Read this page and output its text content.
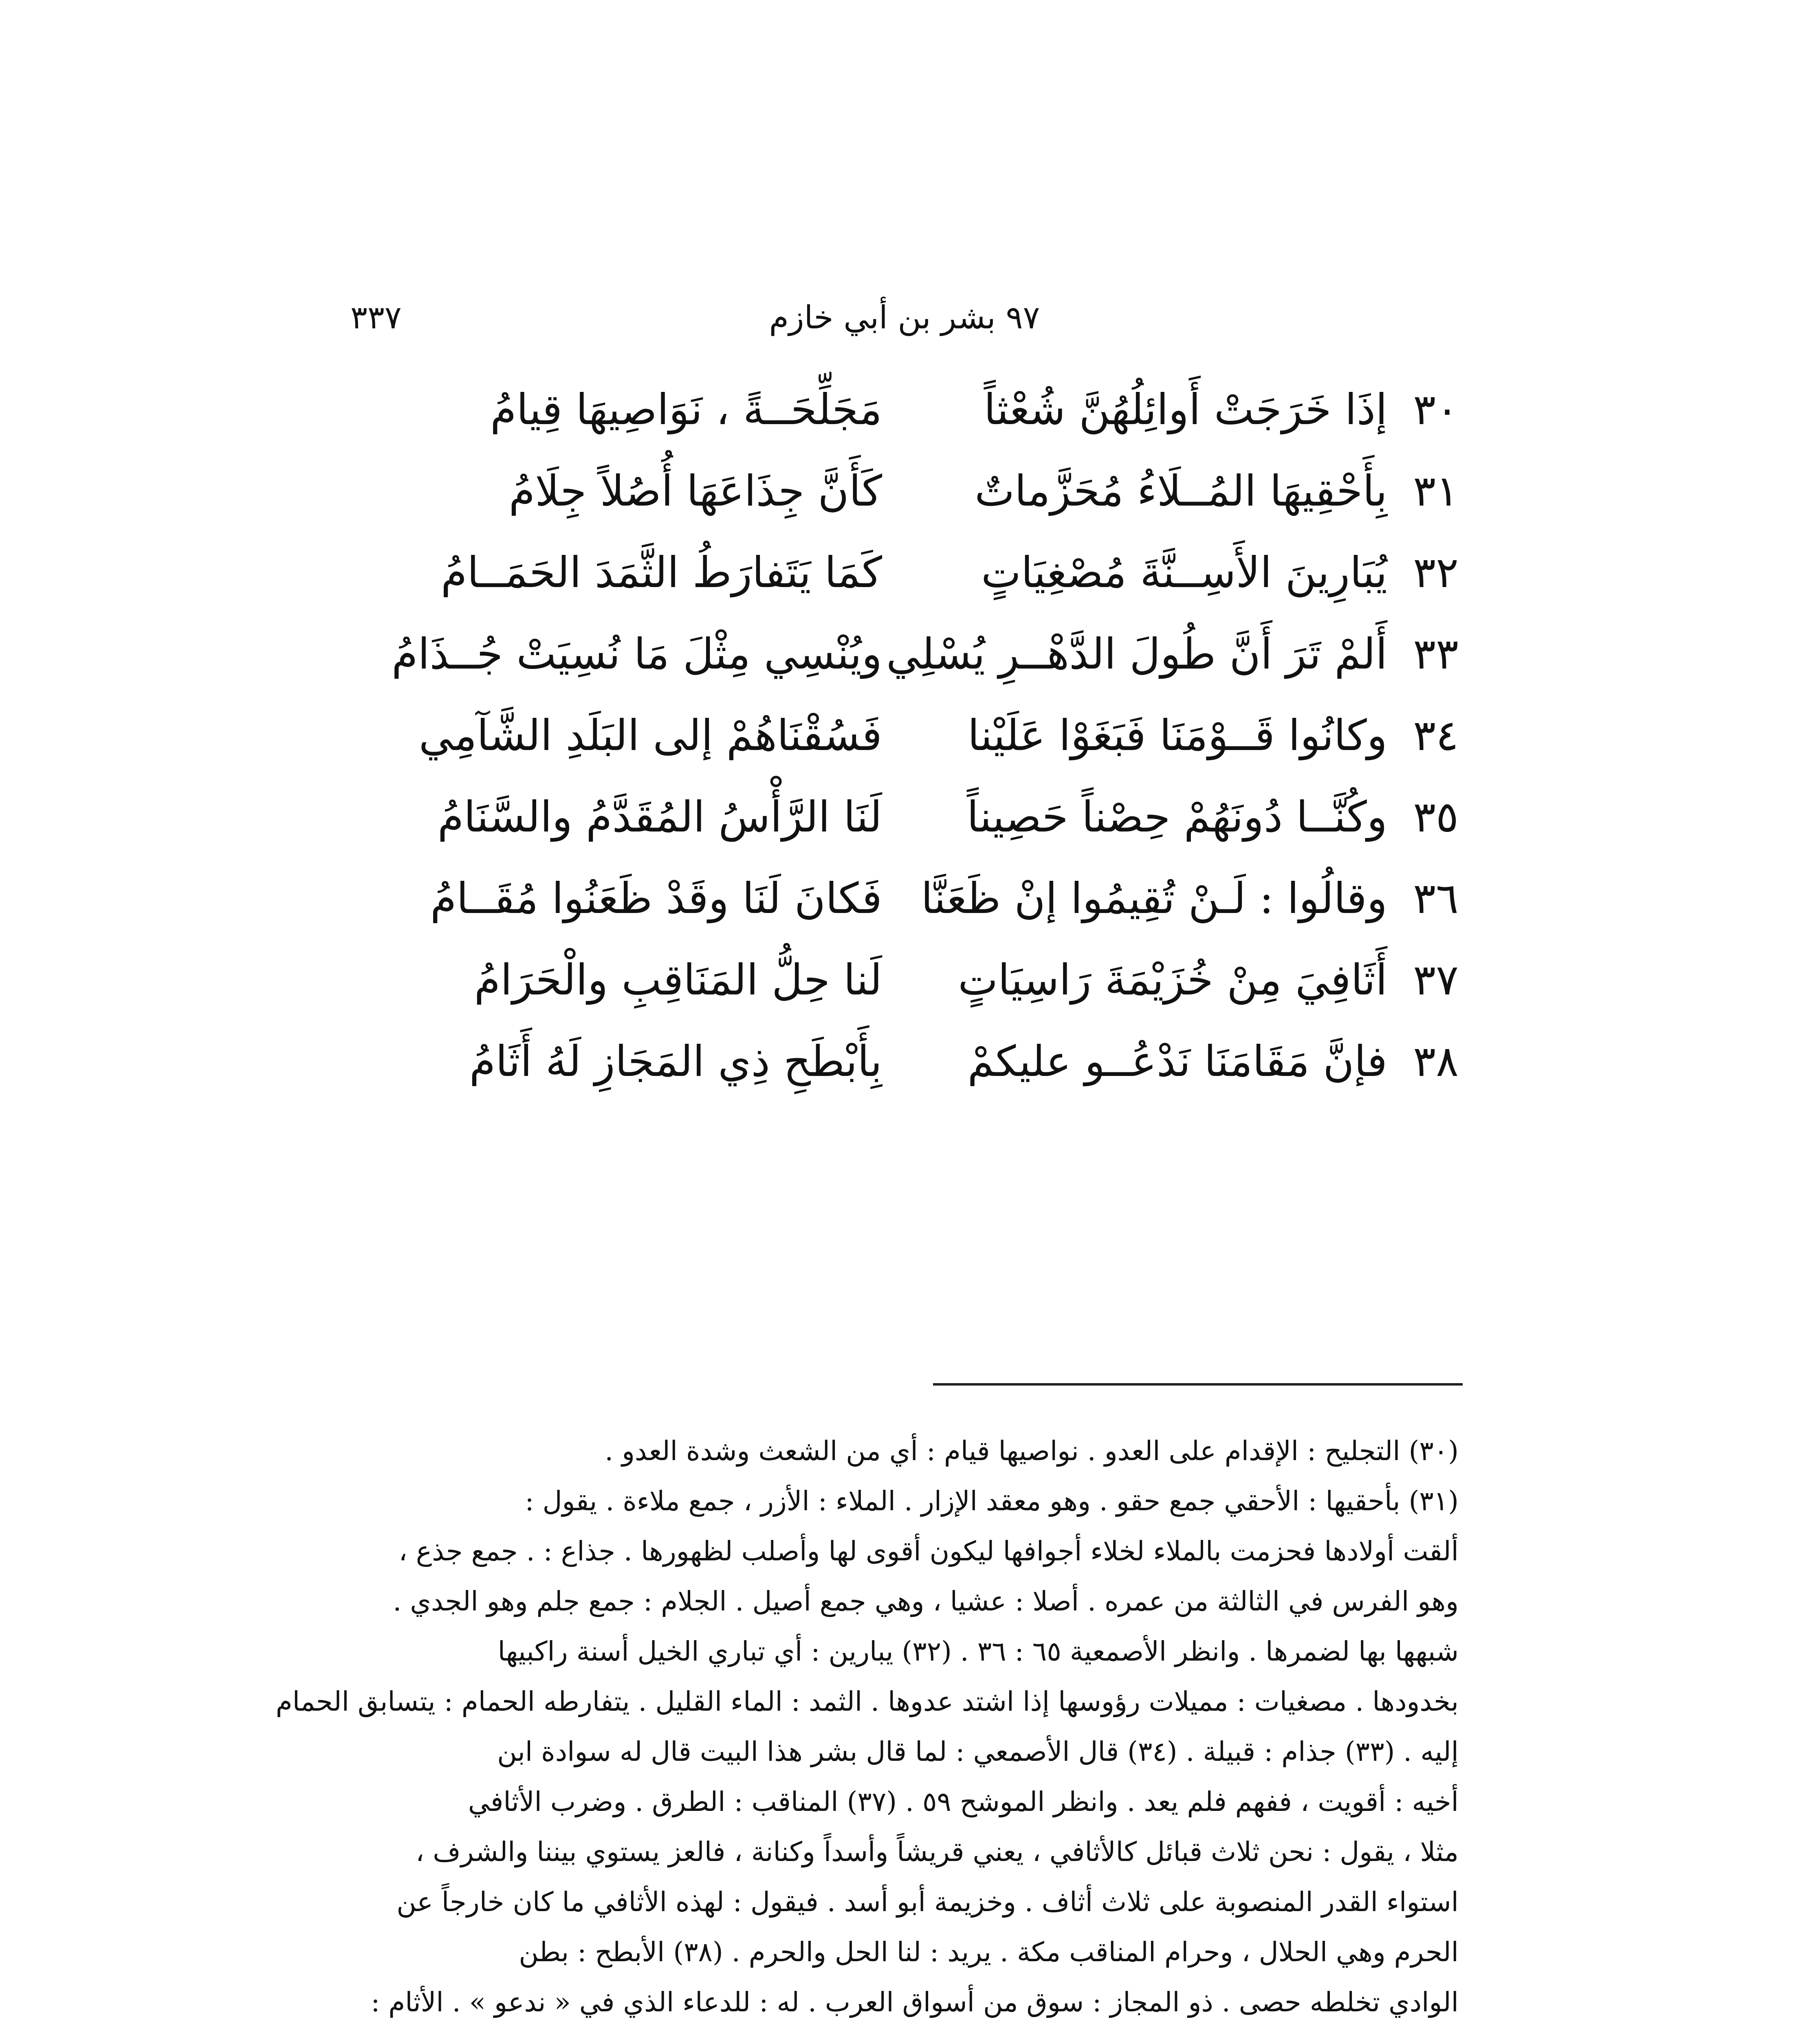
٩٧ بشر بن أبي خازم
٣٣٧
٣٠
إذَا خَرَجَتْ أَوائِلُهُنَّ شُعْثاً
مَجَلِّحَــةً ، نَوَاصِيهَا قِيامُ
٣١
بِأَحْقِيهَا المُــلَاءُ مُحَزَّماتٌ
كَأَنَّ جِذَاعَهَا أُصُلاً جِلَامُ
٣٢
يُبَارِينَ الأَسِــنَّةَ مُصْغِيَاتٍ
كَمَا يَتَفارَطُ الثَّمَدَ الحَمَــامُ
٣٣
أَلمْ تَرَ أَنَّ طُولَ الدَّهْــرِ يُسْلِي
ويُنْسِي مِثْلَ مَا نُسِيَتْ جُــذَامُ
٣٤
وكانُوا قَــوْمَنَا فَبَغَوْا عَلَيْنا
فَسُقْنَاهُمْ إلى البَلَدِ الشَّآمِي
٣٥
وكُنَّــا دُونَهُمْ حِصْناً حَصِيناً
لَنَا الرَّأْسُ المُقَدَّمُ والسَّنَامُ
٣٦
وقالُوا : لَـنْ تُقِيمُوا إنْ ظَعَنَّا
فَكانَ لَنَا وقَدْ ظَعَنُوا مُقَــامُ
٣٧
أَثَافِيَ مِنْ خُزَيْمَةَ رَاسِيَاتٍ
لَنا حِلُّ المَنَاقِبِ والْحَرَامُ
٣٨
فإنَّ مَقَامَنَا نَدْعُــو عليكمْ
بِأَبْطَحِ ذِي المَجَازِ لَهُ أَثَامُ
(٣٠) التجليح : الإقدام على العدو . نواصيها قيام : أي من الشعث وشدة العدو .
(٣١) بأحقيها : الأحقي جمع حقو . وهو معقد الإزار . الملاء : الأزر ، جمع ملاءة . يقول :
ألقت أولادها فحزمت بالملاء لخلاء أجوافها ليكون أقوى لها وأصلب لظهورها . جذاع : . جمع جذع ،
وهو الفرس في الثالثة من عمره . أصلا : عشيا ، وهي جمع أصيل . الجلام : جمع جلم وهو الجدي .
شبهها بها لضمرها . وانظر الأصمعية ٦٥ : ٣٦ . (٣٢) يبارين : أي تباري الخيل أسنة راكبيها
بخدودها . مصغيات : مميلات رؤوسها إذا اشتد عدوها . الثمد : الماء القليل . يتفارطه الحمام : يتسابق الحمام
إليه . (٣٣) جذام : قبيلة . (٣٤) قال الأصمعي : لما قال بشر هذا البيت قال له سوادة ابن
أخيه : أقويت ، ففهم فلم يعد . وانظر الموشح ٥٩ . (٣٧) المناقب : الطرق . وضرب الأثافي
مثلا ، يقول : نحن ثلاث قبائل كالأثافي ، يعني قريشاً وأسداً وكنانة ، فالعز يستوي بيننا والشرف ،
استواء القدر المنصوبة على ثلاث أثاف . وخزيمة أبو أسد . فيقول : لهذه الأثافي ما كان خارجاً عن
الحرم وهي الحلال ، وحرام المناقب مكة . يريد : لنا الحل والحرم . (٣٨) الأبطح : بطن
الوادي تخلطه حصى . ذو المجاز : سوق من أسواق العرب . له : للدعاء الذي في « ندعو » . الأثام :
